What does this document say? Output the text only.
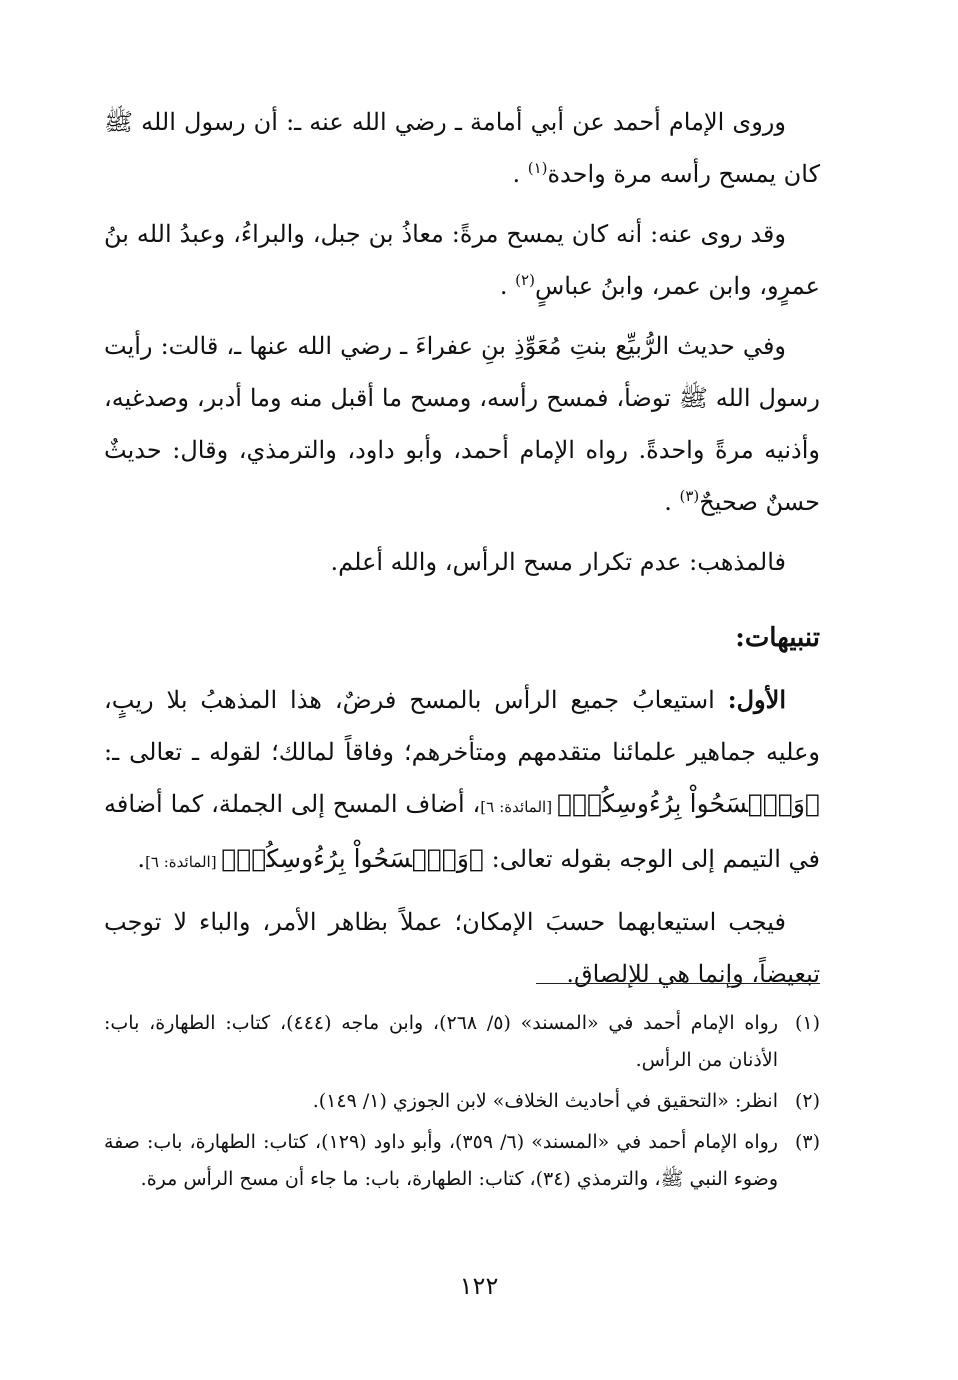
وروى الإمام أحمد عن أبي أمامة ـ رضي الله عنه ـ: أن رسول الله ﷺ كان يمسح رأسه مرة واحدة$^{(١)}$ .

وقد روى عنه: أنه كان يمسح مرةً: معاذُ بن جبل، والبراءُ، وعبدُ الله بنُ عمرٍو، وابن عمر، وابنُ عباسٍ$^{(٢)}$ .

وفي حديث الرُّبيِّع بنتِ مُعَوِّذِ بنِ عفراءَ ـ رضي الله عنها ـ، قالت: رأيت رسول الله ﷺ توضأ، فمسح رأسه، ومسح ما أقبل منه وما أدبر، وصدغيه، وأذنيه مرةً واحدةً. رواه الإمام أحمد، وأبو داود، والترمذي، وقال: حديثٌ حسنٌ صحيحٌ$^{(٣)}$ .

فالمذهب: عدم تكرار مسح الرأس، والله أعلم.

تنبيهات:

الأول: استيعابُ جميع الرأس بالمسح فرضٌ، هذا المذهبُ بلا ريبٍ، وعليه جماهير علمائنا متقدمهم ومتأخرهم؛ وفاقاً لمالك؛ لقوله ـ تعالى ـ: ﴿وَٱمۡسَحُواْ بِرُءُوسِكُمۡ﴾ [المائدة: ٦]، أضاف المسح إلى الجملة، كما أضافه في التيمم إلى الوجه بقوله تعالى: ﴿وَٱمۡسَحُواْ بِرُءُوسِكُمۡ﴾ [المائدة: ٦].

فيجب استيعابهما حسبَ الإمكان؛ عملاً بظاهر الأمر، والباء لا توجب تبعيضاً، وإنما هي للإلصاق.

(١)
رواه الإمام أحمد في «المسند» (٥/ ٢٦٨)، وابن ماجه (٤٤٤)، كتاب: الطهارة، باب: الأذنان من الرأس.
(٢)
انظر: «التحقيق في أحاديث الخلاف» لابن الجوزي (١/ ١٤٩).
(٣)
رواه الإمام أحمد في «المسند» (٦/ ٣٥٩)، وأبو داود (١٢٩)، كتاب: الطهارة، باب: صفة وضوء النبي ﷺ، والترمذي (٣٤)، كتاب: الطهارة، باب: ما جاء أن مسح الرأس مرة.
١٢٢
